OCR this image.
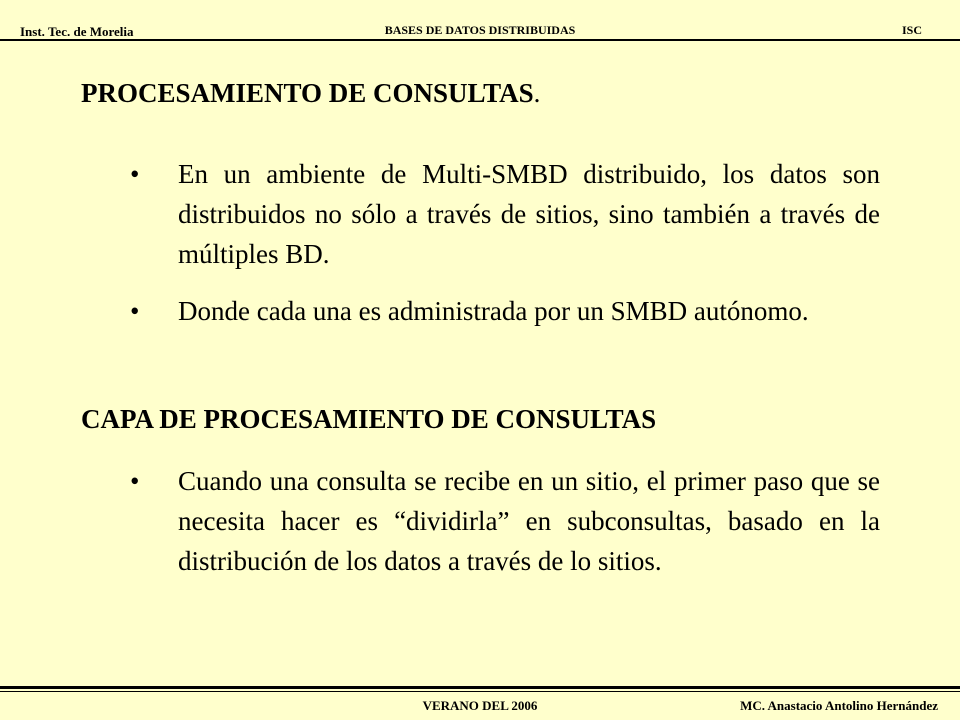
Inst. Tec. de Morelia	BASES DE DATOS DISTRIBUIDAS	ISC
PROCESAMIENTO DE CONSULTAS.
• En un ambiente de Multi-SMBD distribuido, los datos son distribuidos no sólo a través de sitios, sino también a través de múltiples BD.
• Donde cada una es administrada por un SMBD autónomo.
CAPA DE PROCESAMIENTO DE CONSULTAS
• Cuando una consulta se recibe en un sitio, el primer paso que se necesita hacer es “dividirla” en subconsultas, basado en la distribución de los datos a través de lo sitios.
VERANO DEL 2006	MC. Anastacio Antolino Hernández
